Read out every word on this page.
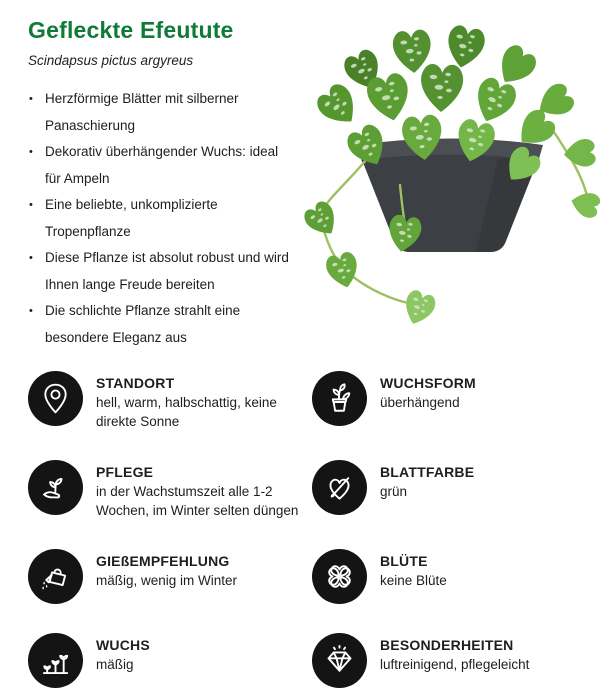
Gefleckte Efeutute

Scindapsus pictus argyreus

• Herzförmige Blätter mit silberner Panaschierung
• Dekorativ überhängender Wuchs: ideal für Ampeln
• Eine beliebte, unkomplizierte Tropenpflanze
• Diese Pflanze ist absolut robust und wird Ihnen lange Freude bereiten
• Die schlichte Pflanze strahlt eine besondere Eleganz aus
STANDORT
hell, warm, halbschattig, keine direkte Sonne
WUCHSFORM
überhängend
PFLEGE
in der Wachstumszeit alle 1-2 Wochen, im Winter selten düngen
BLATTFARBE
grün
GIEßEMPFEHLUNG
mäßig, wenig im Winter
BLÜTE
keine Blüte
WUCHS
mäßig
BESONDERHEITEN
luftreinigend, pflegeleicht
